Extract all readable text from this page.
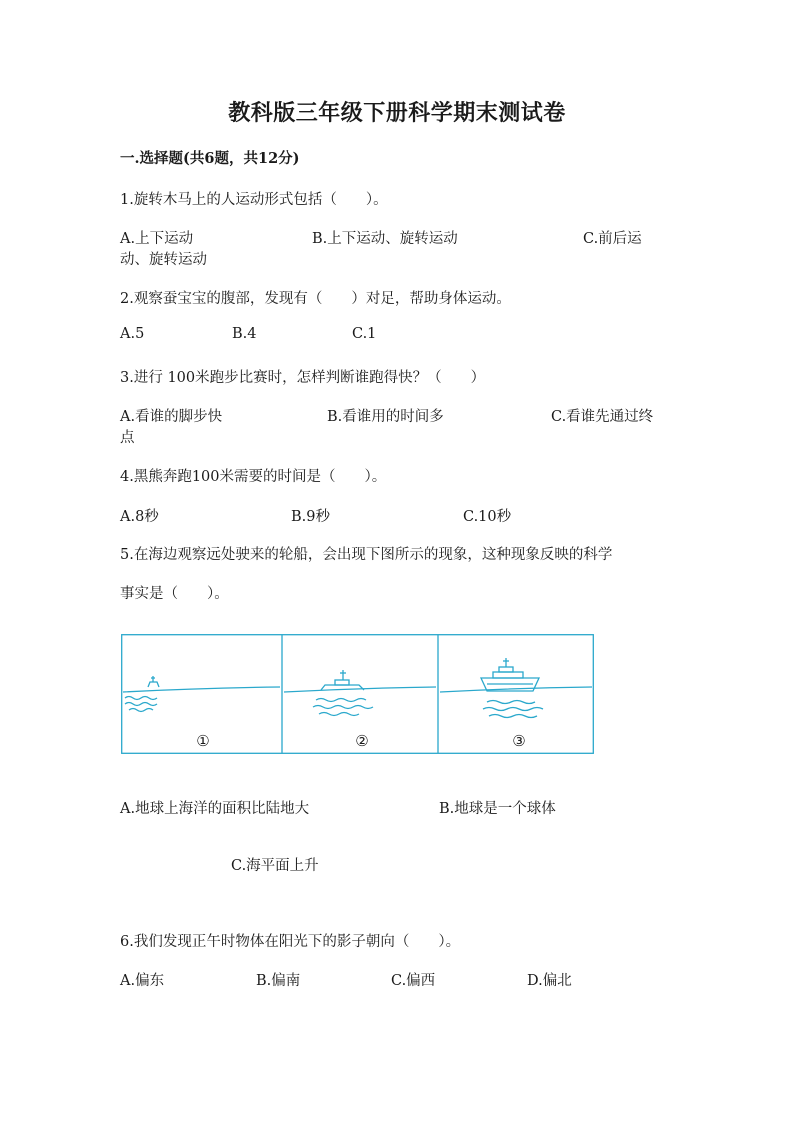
教科版三年级下册科学期末测试卷
一.选择题(共6题，共12分)
1.旋转木马上的人运动形式包括（　　）。
A.上下运动	B.上下运动、旋转运动	C.前后运
动、旋转运动
2.观察蚕宝宝的腹部，发现有（　　）对足，帮助身体运动。
A.5	B.4	C.1
3.进行 100米跑步比赛时，怎样判断谁跑得快？（　　）
A.看谁的脚步快	B.看谁用的时间多	C.看谁先通过终
点
4.黑熊奔跑100米需要的时间是（　　）。
A.8秒	B.9秒	C.10秒
5.在海边观察远处驶来的轮船，会出现下图所示的现象，这种现象反映的科学
事实是（　　）。
①	②	③
A.地球上海洋的面积比陆地大	B.地球是一个球体
C.海平面上升
6.我们发现正午时物体在阳光下的影子朝向（　　）。
A.偏东	B.偏南	C.偏西	D.偏北
